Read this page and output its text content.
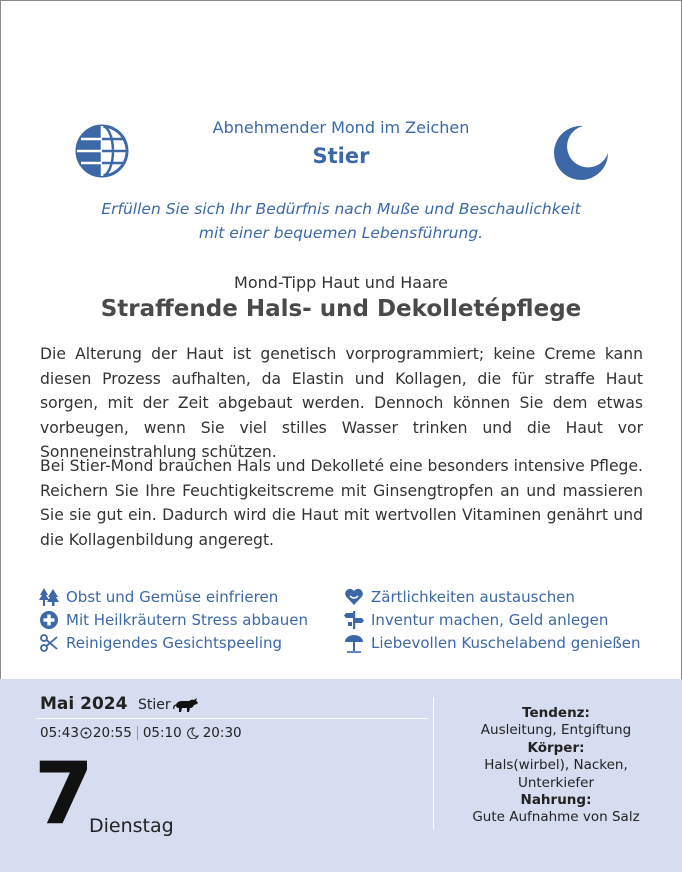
Abnehmender Mond im Zeichen
Stier
Erfüllen Sie sich Ihr Bedürfnis nach Muße und Beschaulichkeit
mit einer bequemen Lebensführung.
Mond-Tipp Haut und Haare
Straffende Hals- und Dekolletépflege

Die Alterung der Haut ist genetisch vorprogrammiert; keine Creme kann diesen Prozess aufhalten, da Elastin und Kollagen, die für straffe Haut sorgen, mit der Zeit abgebaut werden. Dennoch können Sie dem etwas vorbeugen, wenn Sie viel stilles Wasser trinken und die Haut vor Sonneneinstrahlung schützen.

Bei Stier-Mond brauchen Hals und Dekolleté eine besonders intensive Pflege. Reichern Sie Ihre Feuchtigkeitscreme mit Ginsengtropfen an und massieren Sie sie gut ein. Dadurch wird die Haut mit wertvollen Vitaminen genährt und die Kollagenbildung angeregt.

Obst und Gemüse einfrieren
Mit Heilkräutern Stress abbauen
Reinigendes Gesichtspeeling
Zärtlichkeiten austauschen
Inventur machen, Geld anlegen
Liebevollen Kuschelabend genießen
Mai 2024 Stier
05:43 20:55 05:10 20:30
7
Dienstag
Tendenz:
Ausleitung, Entgiftung
Körper:
Hals(wirbel), Nacken,
Unterkiefer
Nahrung:
Gute Aufnahme von Salz
